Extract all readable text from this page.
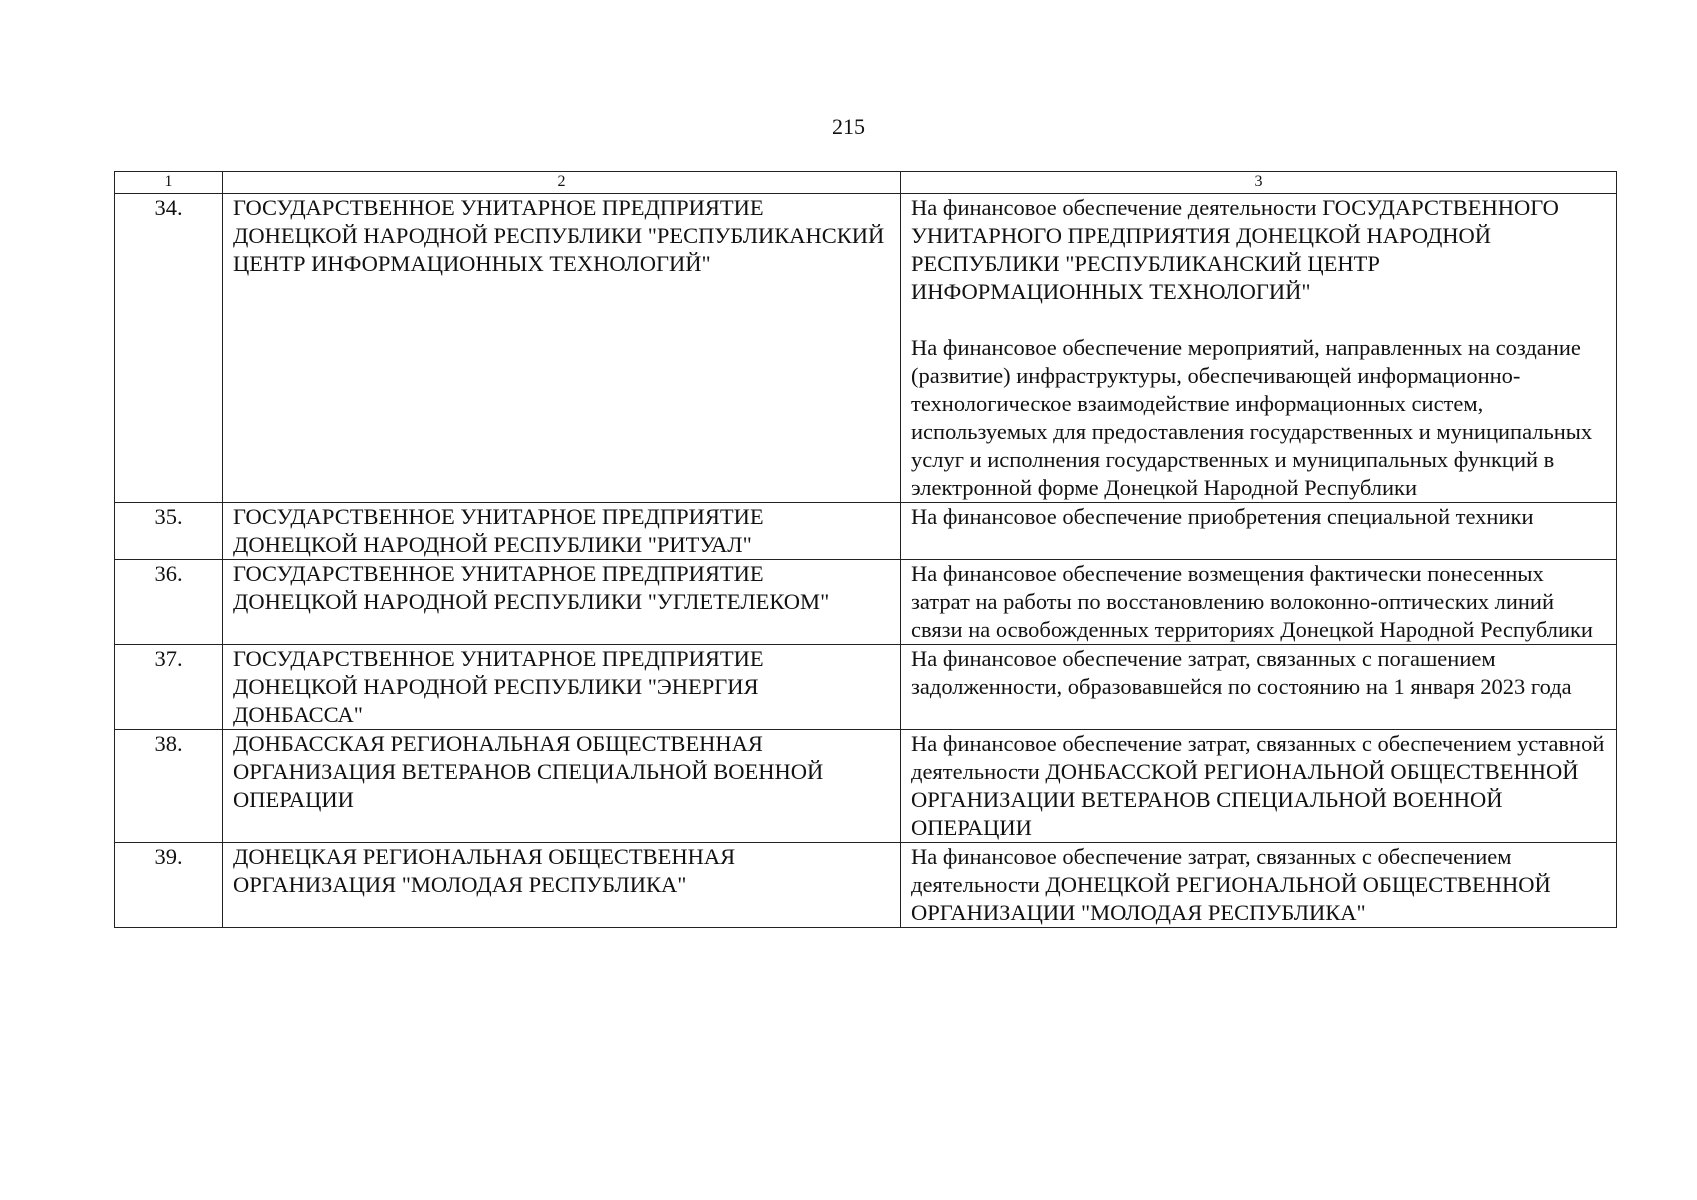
215
1	2	3
34.	ГОСУДАРСТВЕННОЕ УНИТАРНОЕ ПРЕДПРИЯТИЕ ДОНЕЦКОЙ НАРОДНОЙ РЕСПУБЛИКИ "РЕСПУБЛИКАНСКИЙ ЦЕНТР ИНФОРМАЦИОННЫХ ТЕХНОЛОГИЙ"	На финансовое обеспечение деятельности ГОСУДАРСТВЕННОГО УНИТАРНОГО ПРЕДПРИЯТИЯ ДОНЕЦКОЙ НАРОДНОЙ РЕСПУБЛИКИ "РЕСПУБЛИКАНСКИЙ ЦЕНТР ИНФОРМАЦИОННЫХ ТЕХНОЛОГИЙ"
На финансовое обеспечение мероприятий, направленных на создание (развитие) инфраструктуры, обеспечивающей информационно-технологическое взаимодействие информационных систем, используемых для предоставления государственных и муниципальных услуг и исполнения государственных и муниципальных функций в электронной форме Донецкой Народной Республики

35.	ГОСУДАРСТВЕННОЕ УНИТАРНОЕ ПРЕДПРИЯТИЕ ДОНЕЦКОЙ НАРОДНОЙ РЕСПУБЛИКИ "РИТУАЛ"	На финансовое обеспечение приобретения специальной техники

36.	ГОСУДАРСТВЕННОЕ УНИТАРНОЕ ПРЕДПРИЯТИЕ ДОНЕЦКОЙ НАРОДНОЙ РЕСПУБЛИКИ "УГЛЕТЕЛЕКОМ"	На финансовое обеспечение возмещения фактически понесенных затрат на работы по восстановлению волоконно-оптических линий связи на освобожденных территориях Донецкой Народной Республики

37.	ГОСУДАРСТВЕННОЕ УНИТАРНОЕ ПРЕДПРИЯТИЕ ДОНЕЦКОЙ НАРОДНОЙ РЕСПУБЛИКИ "ЭНЕРГИЯ ДОНБАССА"	На финансовое обеспечение затрат, связанных с погашением задолженности, образовавшейся по состоянию на 1 января 2023 года

38.	ДОНБАССКАЯ РЕГИОНАЛЬНАЯ ОБЩЕСТВЕННАЯ ОРГАНИЗАЦИЯ ВЕТЕРАНОВ СПЕЦИАЛЬНОЙ ВОЕННОЙ ОПЕРАЦИИ	На финансовое обеспечение затрат, связанных с обеспечением уставной деятельности ДОНБАССКОЙ РЕГИОНАЛЬНОЙ ОБЩЕСТВЕННОЙ ОРГАНИЗАЦИИ ВЕТЕРАНОВ СПЕЦИАЛЬНОЙ ВОЕННОЙ ОПЕРАЦИИ

39.	ДОНЕЦКАЯ РЕГИОНАЛЬНАЯ ОБЩЕСТВЕННАЯ ОРГАНИЗАЦИЯ "МОЛОДАЯ РЕСПУБЛИКА"	На финансовое обеспечение затрат, связанных с обеспечением деятельности ДОНЕЦКОЙ РЕГИОНАЛЬНОЙ ОБЩЕСТВЕННОЙ ОРГАНИЗАЦИИ "МОЛОДАЯ РЕСПУБЛИКА"
